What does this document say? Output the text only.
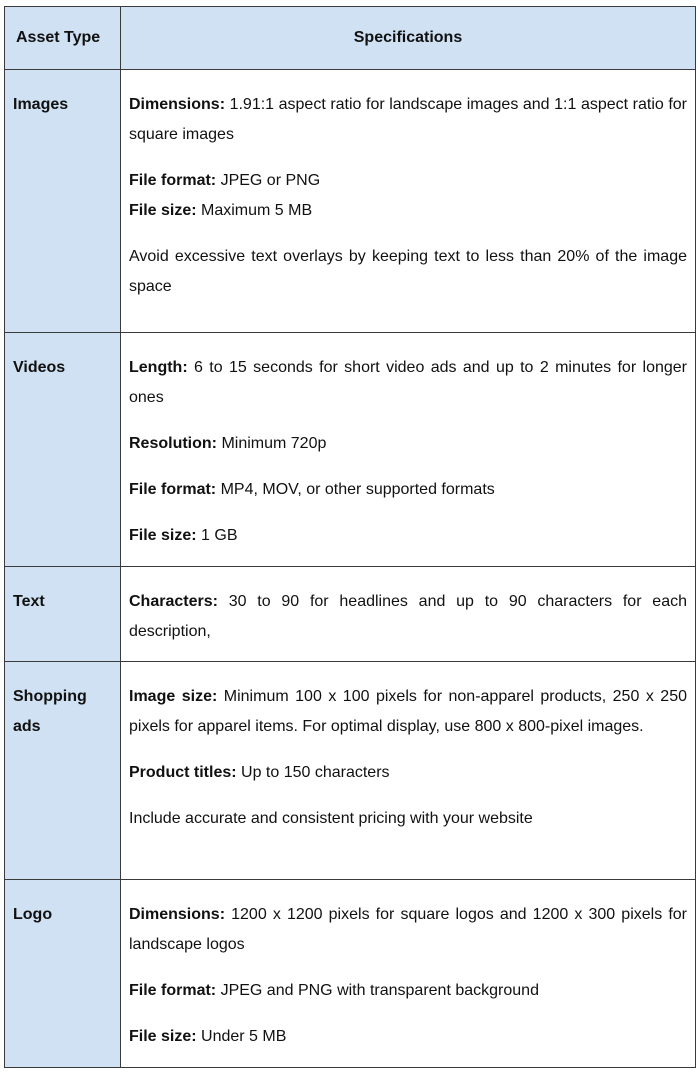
Asset Type	Specifications
Images	Dimensions: 1.91:1 aspect ratio for landscape images and 1:1 aspect ratio for square images

File format: JPEG or PNG

File size: Maximum 5 MB

Avoid excessive text overlays by keeping text to less than 20% of the image space

Videos	Length: 6 to 15 seconds for short video ads and up to 2 minutes for longer ones

Resolution: Minimum 720p

File format: MP4, MOV, or other supported formats

File size: 1 GB

Text	Characters: 30 to 90 for headlines and up to 90 characters for each description,

Shopping ads	Image size: Minimum 100 x 100 pixels for non-apparel products, 250 x 250 pixels for apparel items. For optimal display, use 800 x 800-pixel images.

Product titles: Up to 150 characters

Include accurate and consistent pricing with your website

Logo	Dimensions: 1200 x 1200 pixels for square logos and 1200 x 300 pixels for landscape logos

File format: JPEG and PNG with transparent background

File size: Under 5 MB
